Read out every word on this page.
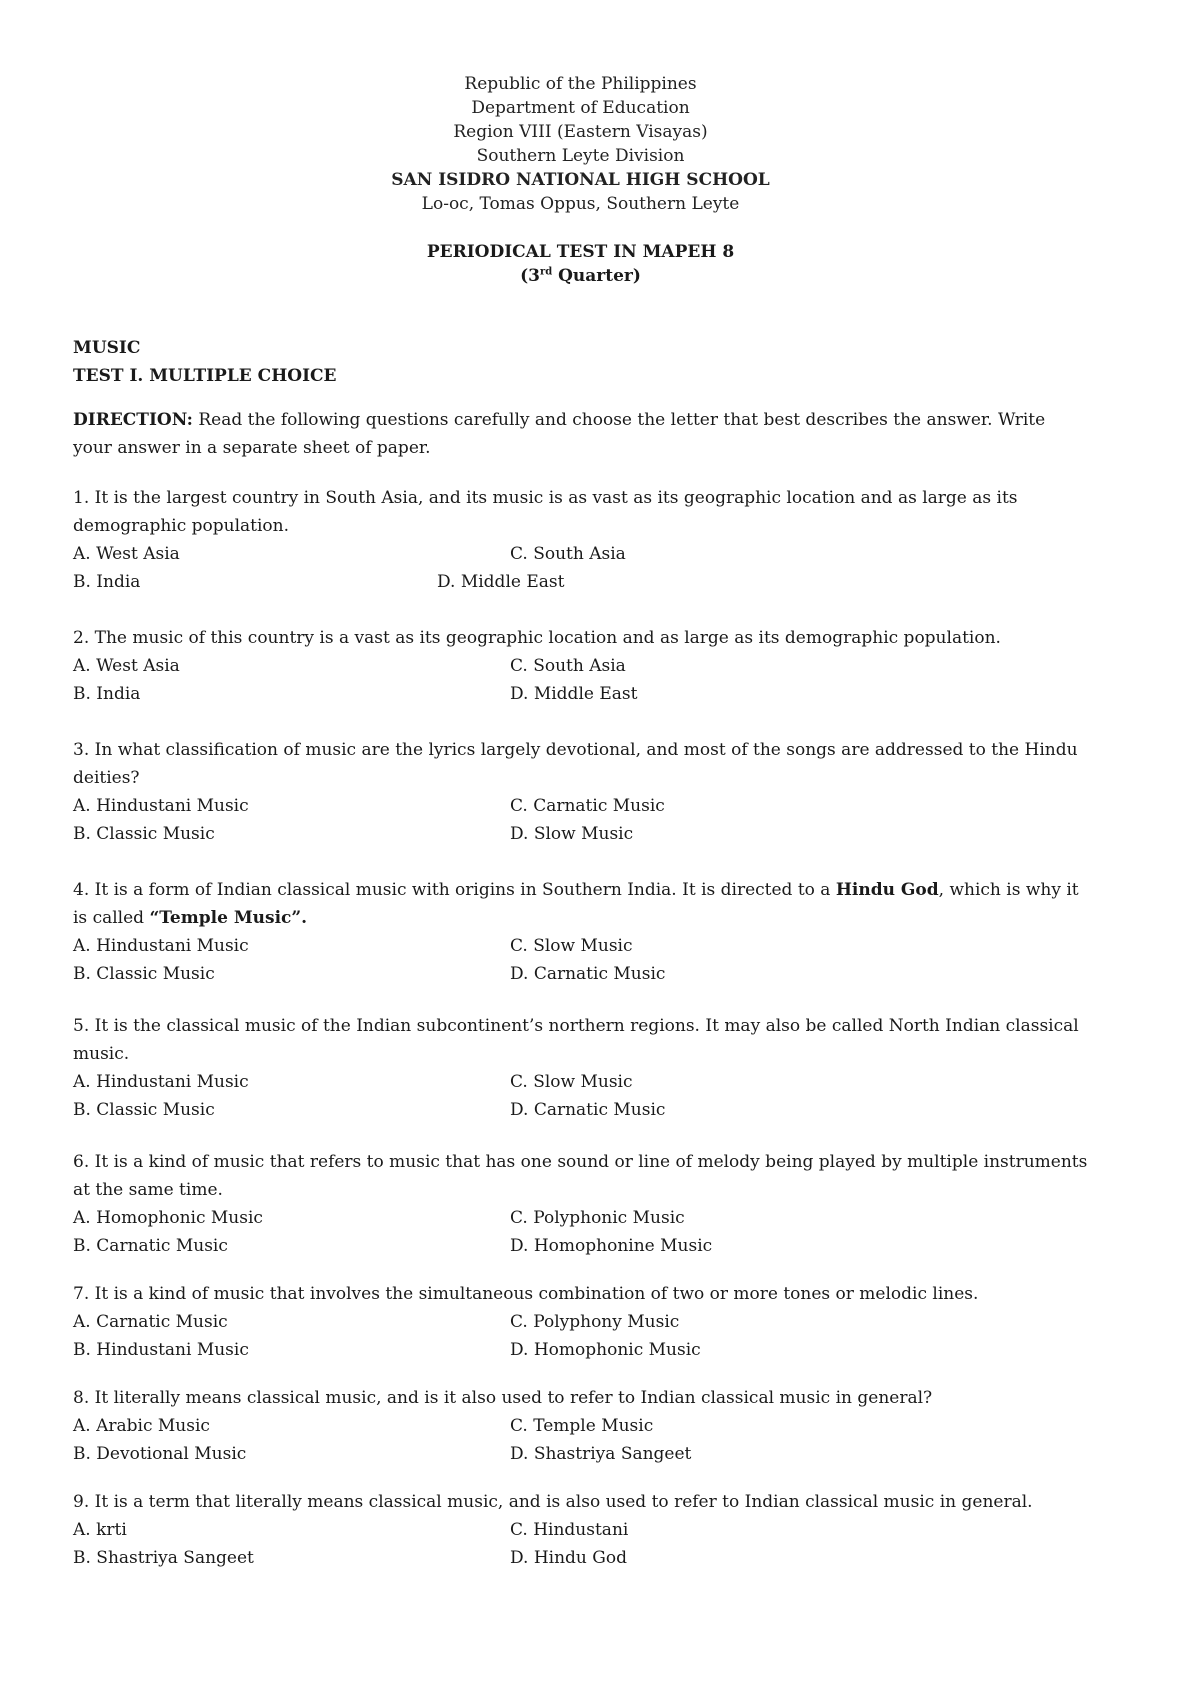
Republic of the Philippines
Department of Education
Region VIII (Eastern Visayas)
Southern Leyte Division
SAN ISIDRO NATIONAL HIGH SCHOOL
Lo-oc, Tomas Oppus, Southern Leyte
PERIODICAL TEST IN MAPEH 8
(3rd Quarter)
MUSIC
TEST I. MULTIPLE CHOICE
DIRECTION: Read the following questions carefully and choose the letter that best describes the answer. Write your answer in a separate sheet of paper.

1. It is the largest country in South Asia, and its music is as vast as its geographic location and as large as its demographic population.

A. West Asia	C. South Asia
B. India	D. Middle East

2. The music of this country is a vast as its geographic location and as large as its demographic population.

A. West Asia	C. South Asia
B. India	D. Middle East

3. In what classification of music are the lyrics largely devotional, and most of the songs are addressed to the Hindu deities?

A. Hindustani Music	C. Carnatic Music
B. Classic Music	D. Slow Music

4. It is a form of Indian classical music with origins in Southern India. It is directed to a Hindu God, which is why it is called “Temple Music”.

A. Hindustani Music	C. Slow Music
B. Classic Music	D. Carnatic Music

5. It is the classical music of the Indian subcontinent’s northern regions. It may also be called North Indian classical music.

A. Hindustani Music	C. Slow Music
B. Classic Music	D. Carnatic Music

6. It is a kind of music that refers to music that has one sound or line of melody being played by multiple instruments at the same time.

A. Homophonic Music	C. Polyphonic Music
B. Carnatic Music	D. Homophonine Music

7. It is a kind of music that involves the simultaneous combination of two or more tones or melodic lines.

A. Carnatic Music	C. Polyphony Music
B. Hindustani Music	D. Homophonic Music

8. It literally means classical music, and is it also used to refer to Indian classical music in general?

A. Arabic Music	C. Temple Music
B. Devotional Music	D. Shastriya Sangeet

9. It is a term that literally means classical music, and is also used to refer to Indian classical music in general.

A. krti	C. Hindustani
B. Shastriya Sangeet	D. Hindu God
